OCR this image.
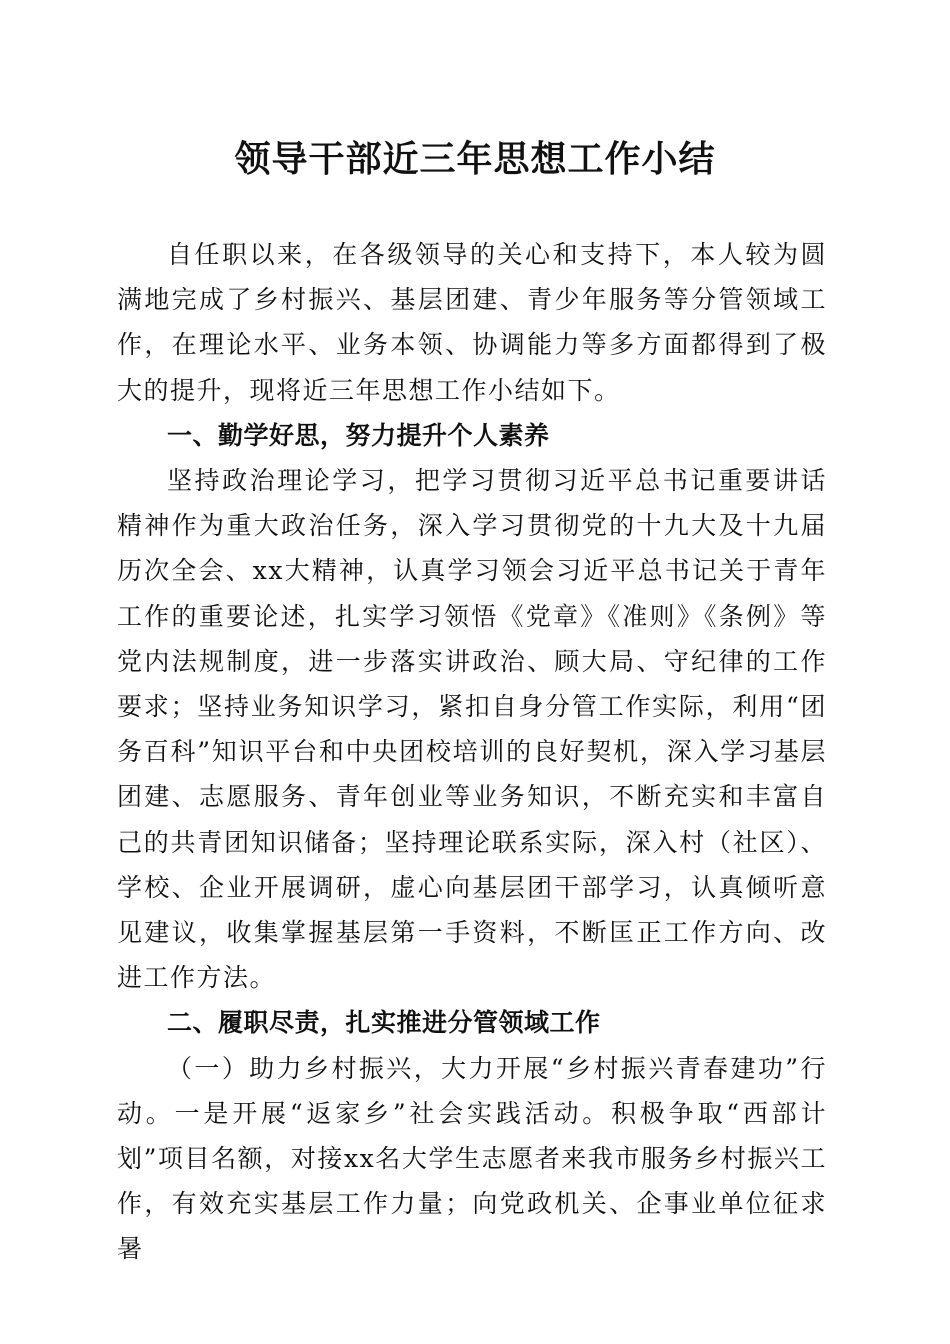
领导干部近三年思想工作小结

自任职以来，在各级领导的关心和支持下，本人较为圆满地完成了乡村振兴、基层团建、青少年服务等分管领域工作，在理论水平、业务本领、协调能力等多方面都得到了极大的提升，现将近三年思想工作小结如下。

一、勤学好思，努力提升个人素养

坚持政治理论学习，把学习贯彻习近平总书记重要讲话精神作为重大政治任务，深入学习贯彻党的十九大及十九届历次全会、xx大精神，认真学习领会习近平总书记关于青年工作的重要论述，扎实学习领悟《党章》《准则》《条例》等党内法规制度，进一步落实讲政治、顾大局、守纪律的工作要求；坚持业务知识学习，紧扣自身分管工作实际，利用“团务百科”知识平台和中央团校培训的良好契机，深入学习基层团建、志愿服务、青年创业等业务知识，不断充实和丰富自己的共青团知识储备；坚持理论联系实际，深入村（社区）、学校、企业开展调研，虚心向基层团干部学习，认真倾听意见建议，收集掌握基层第一手资料，不断匡正工作方向、改进工作方法。

二、履职尽责，扎实推进分管领域工作

（一）助力乡村振兴，大力开展“乡村振兴青春建功”行动。一是开展“返家乡”社会实践活动。积极争取“西部计划”项目名额，对接xx名大学生志愿者来我市服务乡村振兴工作，有效充实基层工作力量；向党政机关、企事业单位征求暑
